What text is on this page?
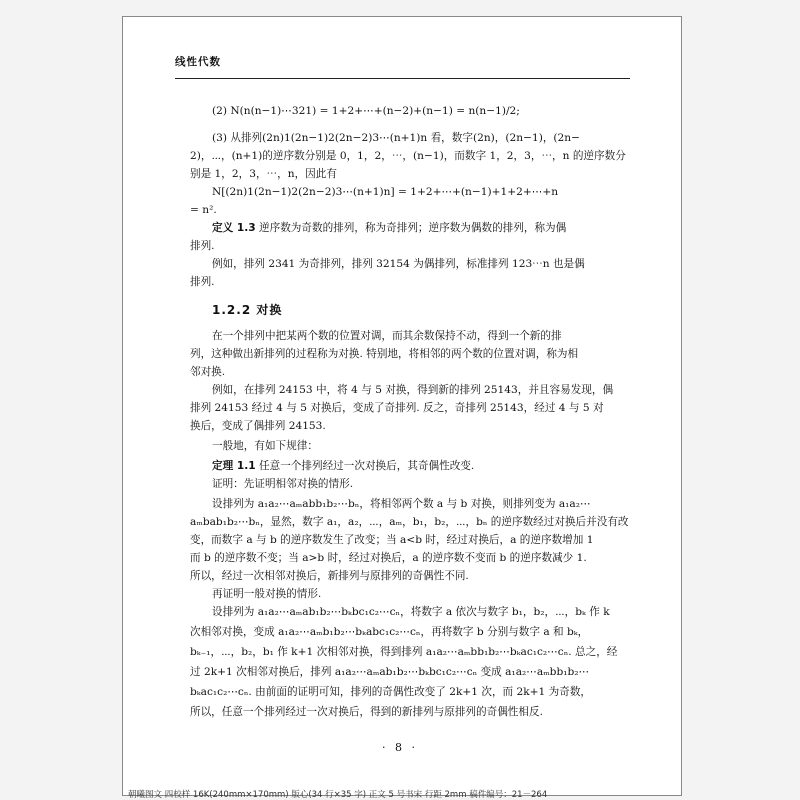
线性代数
(2) N(n(n−1)⋯321) = 1+2+⋯+(n−2)+(n−1) = n(n−1)/2;
(3) 从排列(2n)1(2n−1)2(2n−2)3⋯(n+1)n 看，数字(2n)，(2n−1)，(2n−
2)，⋯，(n+1)的逆序数分别是 0，1，2，⋯，(n−1)，而数字 1，2，3，⋯，n 的逆序数分
别是 1，2，3，⋯，n，因此有
N[(2n)1(2n−1)2(2n−2)3⋯(n+1)n] = 1+2+⋯+(n−1)+1+2+⋯+n
= n².
定义 1.3 逆序数为奇数的排列，称为奇排列；逆序数为偶数的排列，称为偶
排列.
例如，排列 2341 为奇排列，排列 32154 为偶排列，标准排列 123⋯n 也是偶
排列.
1.2.2 对换
在一个排列中把某两个数的位置对调，而其余数保持不动，得到一个新的排
列，这种做出新排列的过程称为对换. 特别地，将相邻的两个数的位置对调，称为相
邻对换.
例如，在排列 24153 中，将 4 与 5 对换，得到新的排列 25143，并且容易发现，偶
排列 24153 经过 4 与 5 对换后，变成了奇排列. 反之，奇排列 25143，经过 4 与 5 对
换后，变成了偶排列 24153.
一般地，有如下规律：
定理 1.1 任意一个排列经过一次对换后，其奇偶性改变.
证明：先证明相邻对换的情形.
设排列为 a₁a₂⋯aₘabb₁b₂⋯bₙ，将相邻两个数 a 与 b 对换，则排列变为 a₁a₂⋯
aₘbab₁b₂⋯bₙ，显然，数字 a₁，a₂，⋯，aₘ，b₁，b₂，⋯，bₙ 的逆序数经过对换后并没有改
变，而数字 a 与 b 的逆序数发生了改变；当 a<b 时，经过对换后，a 的逆序数增加 1
而 b 的逆序数不变；当 a>b 时，经过对换后，a 的逆序数不变而 b 的逆序数减少 1.
所以，经过一次相邻对换后，新排列与原排列的奇偶性不同.
再证明一般对换的情形.
设排列为 a₁a₂⋯aₘab₁b₂⋯bₖbc₁c₂⋯cₙ，将数字 a 依次与数字 b₁，b₂，⋯，bₖ 作 k
次相邻对换，变成 a₁a₂⋯aₘb₁b₂⋯bₖabc₁c₂⋯cₙ，再将数字 b 分别与数字 a 和 bₖ，
bₖ₋₁，⋯，b₂，b₁ 作 k+1 次相邻对换，得到排列 a₁a₂⋯aₘbb₁b₂⋯bₖac₁c₂⋯cₙ. 总之，经
过 2k+1 次相邻对换后，排列 a₁a₂⋯aₘab₁b₂⋯bₖbc₁c₂⋯cₙ 变成 a₁a₂⋯aₘbb₁b₂⋯
bₖac₁c₂⋯cₙ. 由前面的证明可知，排列的奇偶性改变了 2k+1 次，而 2k+1 为奇数，
所以，任意一个排列经过一次对换后，得到的新排列与原排列的奇偶性相反.
· 8 ·
朝曦图文 四校样 16K(240mm×170mm) 版心(34 行×35 字) 正文 5 号书宋 行距 2mm 稿件编号：21－264
